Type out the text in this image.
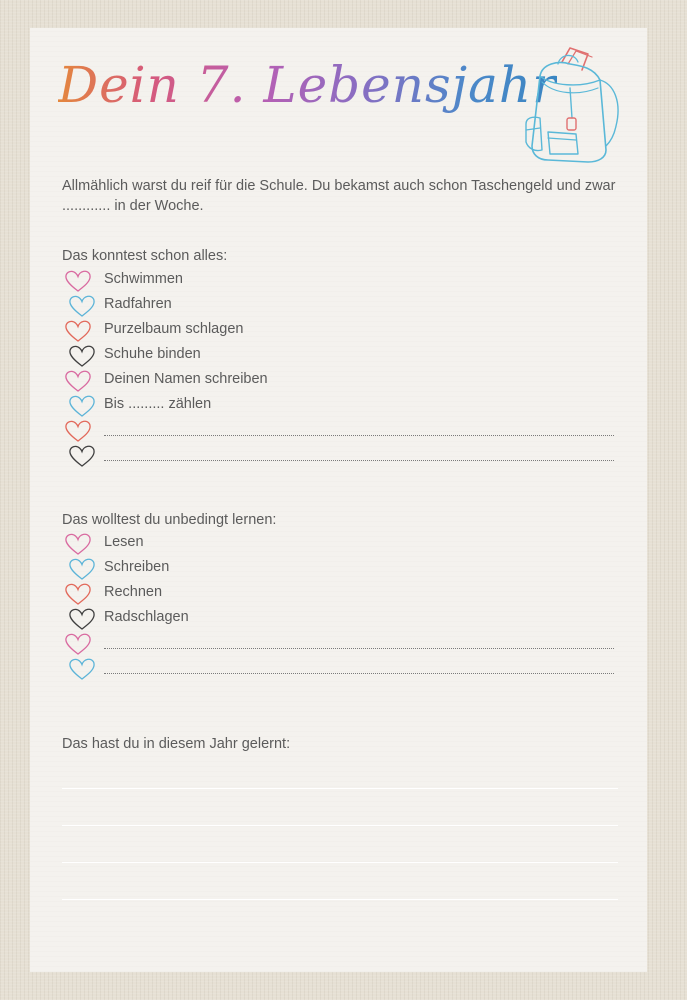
Dein 7. Lebensjahr
Allmählich warst du reif für die Schule. Du bekamst auch schon Taschengeld und zwar ............ in der Woche.
Das konntest schon alles:
Schwimmen
Radfahren
Purzelbaum schlagen
Schuhe binden
Deinen Namen schreiben
Bis ......... zählen
Das wolltest du unbedingt lernen:
Lesen
Schreiben
Rechnen
Radschlagen
Das hast du in diesem Jahr gelernt:
